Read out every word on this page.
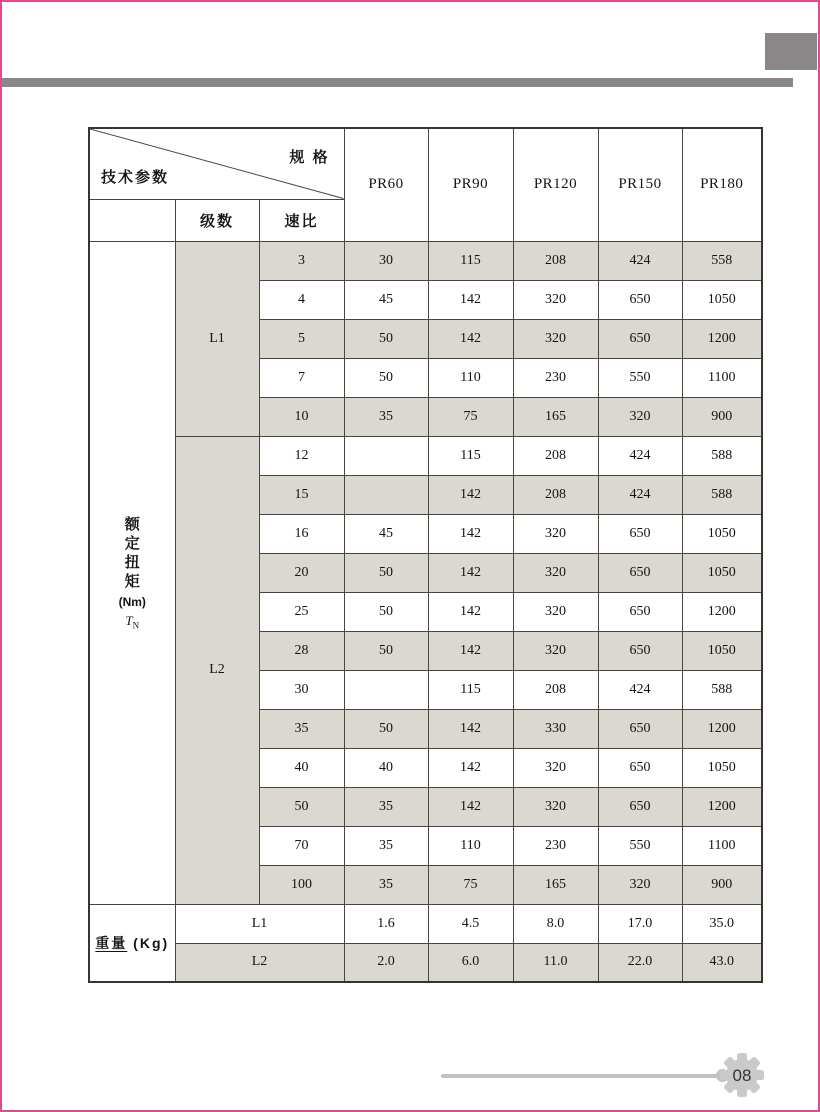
规 格
技术参数			PR60	PR90	PR120	PR150	PR180
	级数	速比					

额
定
扭
矩
(Nm)
$T_N$
	L1	3	30	115	208	424	558
		4	45	142	320	650	1050
		5	50	142	320	650	1200
		7	50	110	230	550	1100
		10	35	75	165	320	900
	L2	12		115	208	424	588
		15		142	208	424	588
		16	45	142	320	650	1050
		20	50	142	320	650	1050
		25	50	142	320	650	1200
		28	50	142	320	650	1050
		30		115	208	424	588
		35	50	142	330	650	1200
		40	40	142	320	650	1050
		50	35	142	320	650	1200
		70	35	110	230	550	1100
		100	35	75	165	320	900
重量 (Kg)	L1		1.6	4.5	8.0	17.0	35.0
	L2		2.0	6.0	11.0	22.0	43.0
08
